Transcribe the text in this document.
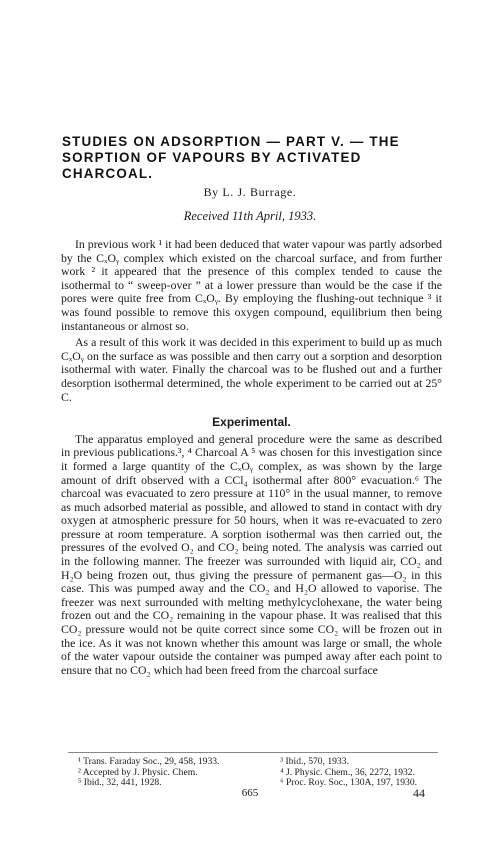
STUDIES ON ADSORPTION — PART V. — THE
SORPTION OF VAPOURS BY ACTIVATED
CHARCOAL.
By L. J. Burrage.
Received 11th April, 1933.

In previous work ¹ it had been deduced that water vapour was partly adsorbed by the CₓOᵧ complex which existed on the charcoal surface, and from further work ² it appeared that the presence of this complex tended to cause the isothermal to “ sweep-over ” at a lower pressure than would be the case if the pores were quite free from CₓOᵧ. By employing the flushing-out technique ³ it was found possible to remove this oxygen compound, equilibrium then being instantaneous or almost so.

As a result of this work it was decided in this experiment to build up as much CₓOᵧ on the surface as was possible and then carry out a sorption and desorption isothermal with water. Finally the charcoal was to be flushed out and a further desorption isothermal determined, the whole experiment to be carried out at 25° C.

Experimental.

The apparatus employed and general procedure were the same as described in previous publications.³, ⁴ Charcoal A ⁵ was chosen for this investigation since it formed a large quantity of the CₓOᵧ complex, as was shown by the large amount of drift observed with a CCl₄ isothermal after 800° evacuation.⁶ The charcoal was evacuated to zero pressure at 110° in the usual manner, to remove as much adsorbed material as possible, and allowed to stand in contact with dry oxygen at atmospheric pressure for 50 hours, when it was re-evacuated to zero pressure at room temperature. A sorption isothermal was then carried out, the pressures of the evolved O₂ and CO₂ being noted. The analysis was carried out in the following manner. The freezer was surrounded with liquid air, CO₂ and H₂O being frozen out, thus giving the pressure of permanent gas—O₂ in this case. This was pumped away and the CO₂ and H₂O allowed to vaporise. The freezer was next surrounded with melting methylcyclohexane, the water being frozen out and the CO₂ remaining in the vapour phase. It was realised that this CO₂ pressure would not be quite correct since some CO₂ will be frozen out in the ice. As it was not known whether this amount was large or small, the whole of the water vapour outside the container was pumped away after each point to ensure that no CO₂ which had been freed from the charcoal surface

¹ Trans. Faraday Soc., 29, 458, 1933.	³ Ibid., 570, 1933.
² Accepted by J. Physic. Chem.	⁴ J. Physic. Chem., 36, 2272, 1932.
⁵ Ibid., 32, 441, 1928.	⁶ Proc. Roy. Soc., 130A, 197, 1930.
665	44
